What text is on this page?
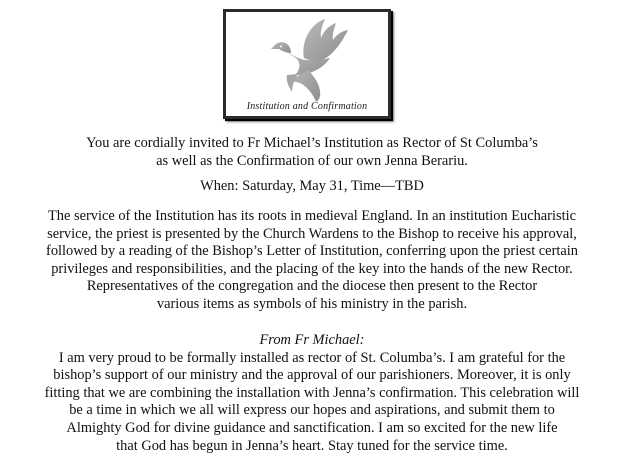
Institution and Confirmation
You are cordially invited to Fr Michael’s Institution as Rector of St Columba’s
as well as the Confirmation of our own Jenna Berariu.
When: Saturday, May 31, Time—TBD
The service of the Institution has its roots in medieval England. In an institution Eucharistic
service, the priest is presented by the Church Wardens to the Bishop to receive his approval,
followed by a reading of the Bishop’s Letter of Institution, conferring upon the priest certain
privileges and responsibilities, and the placing of the key into the hands of the new Rector.
Representatives of the congregation and the diocese then present to the Rector
various items as symbols of his ministry in the parish.
From Fr Michael:
I am very proud to be formally installed as rector of St. Columba’s. I am grateful for the
bishop’s support of our ministry and the approval of our parishioners. Moreover, it is only
fitting that we are combining the installation with Jenna’s confirmation. This celebration will
be a time in which we all will express our hopes and aspirations, and submit them to
Almighty God for divine guidance and sanctification. I am so excited for the new life
that God has begun in Jenna’s heart. Stay tuned for the service time.
